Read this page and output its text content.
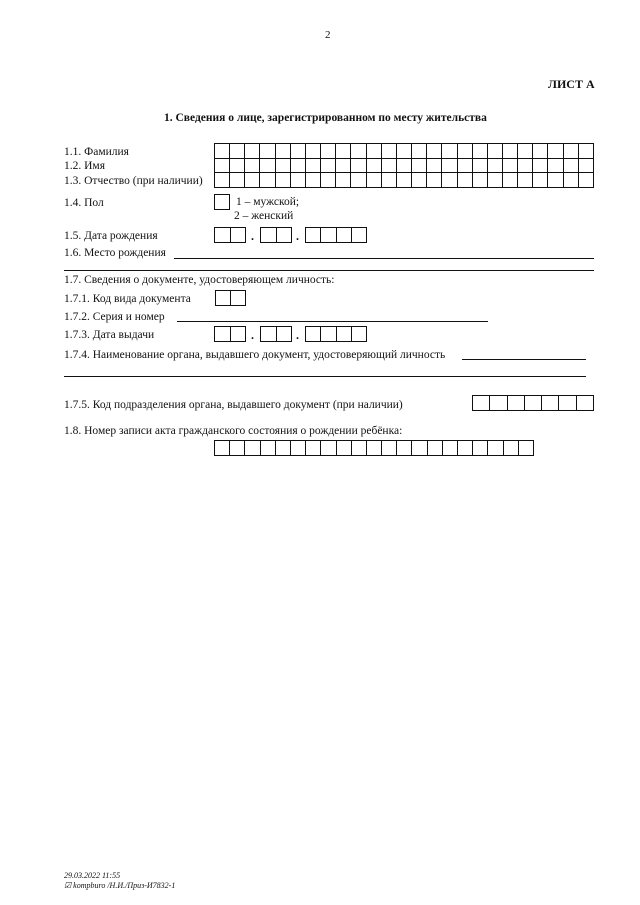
2
ЛИСТ А
1. Сведения о лице, зарегистрированном по месту жительства
1.1. Фамилия
1.2. Имя
1.3. Отчество (при наличии)

1.4. Пол	1 – мужской;
2 – женский
1.5. Дата рождения	.	.
1.6. Место рождения
1.7. Сведения о документе, удостоверяющем личность:
1.7.1. Код вида документа
1.7.2. Серия и номер
1.7.3. Дата выдачи	.	.
1.7.4. Наименование органа, выдавшего документ, удостоверяющий личность
1.7.5. Код подразделения органа, выдавшего документ (при наличии)
1.8. Номер записи акта гражданского состояния о рождении ребёнка:
29.03.2022 11:55
☑ kompburo /Н.И./Приз-И7832-1
